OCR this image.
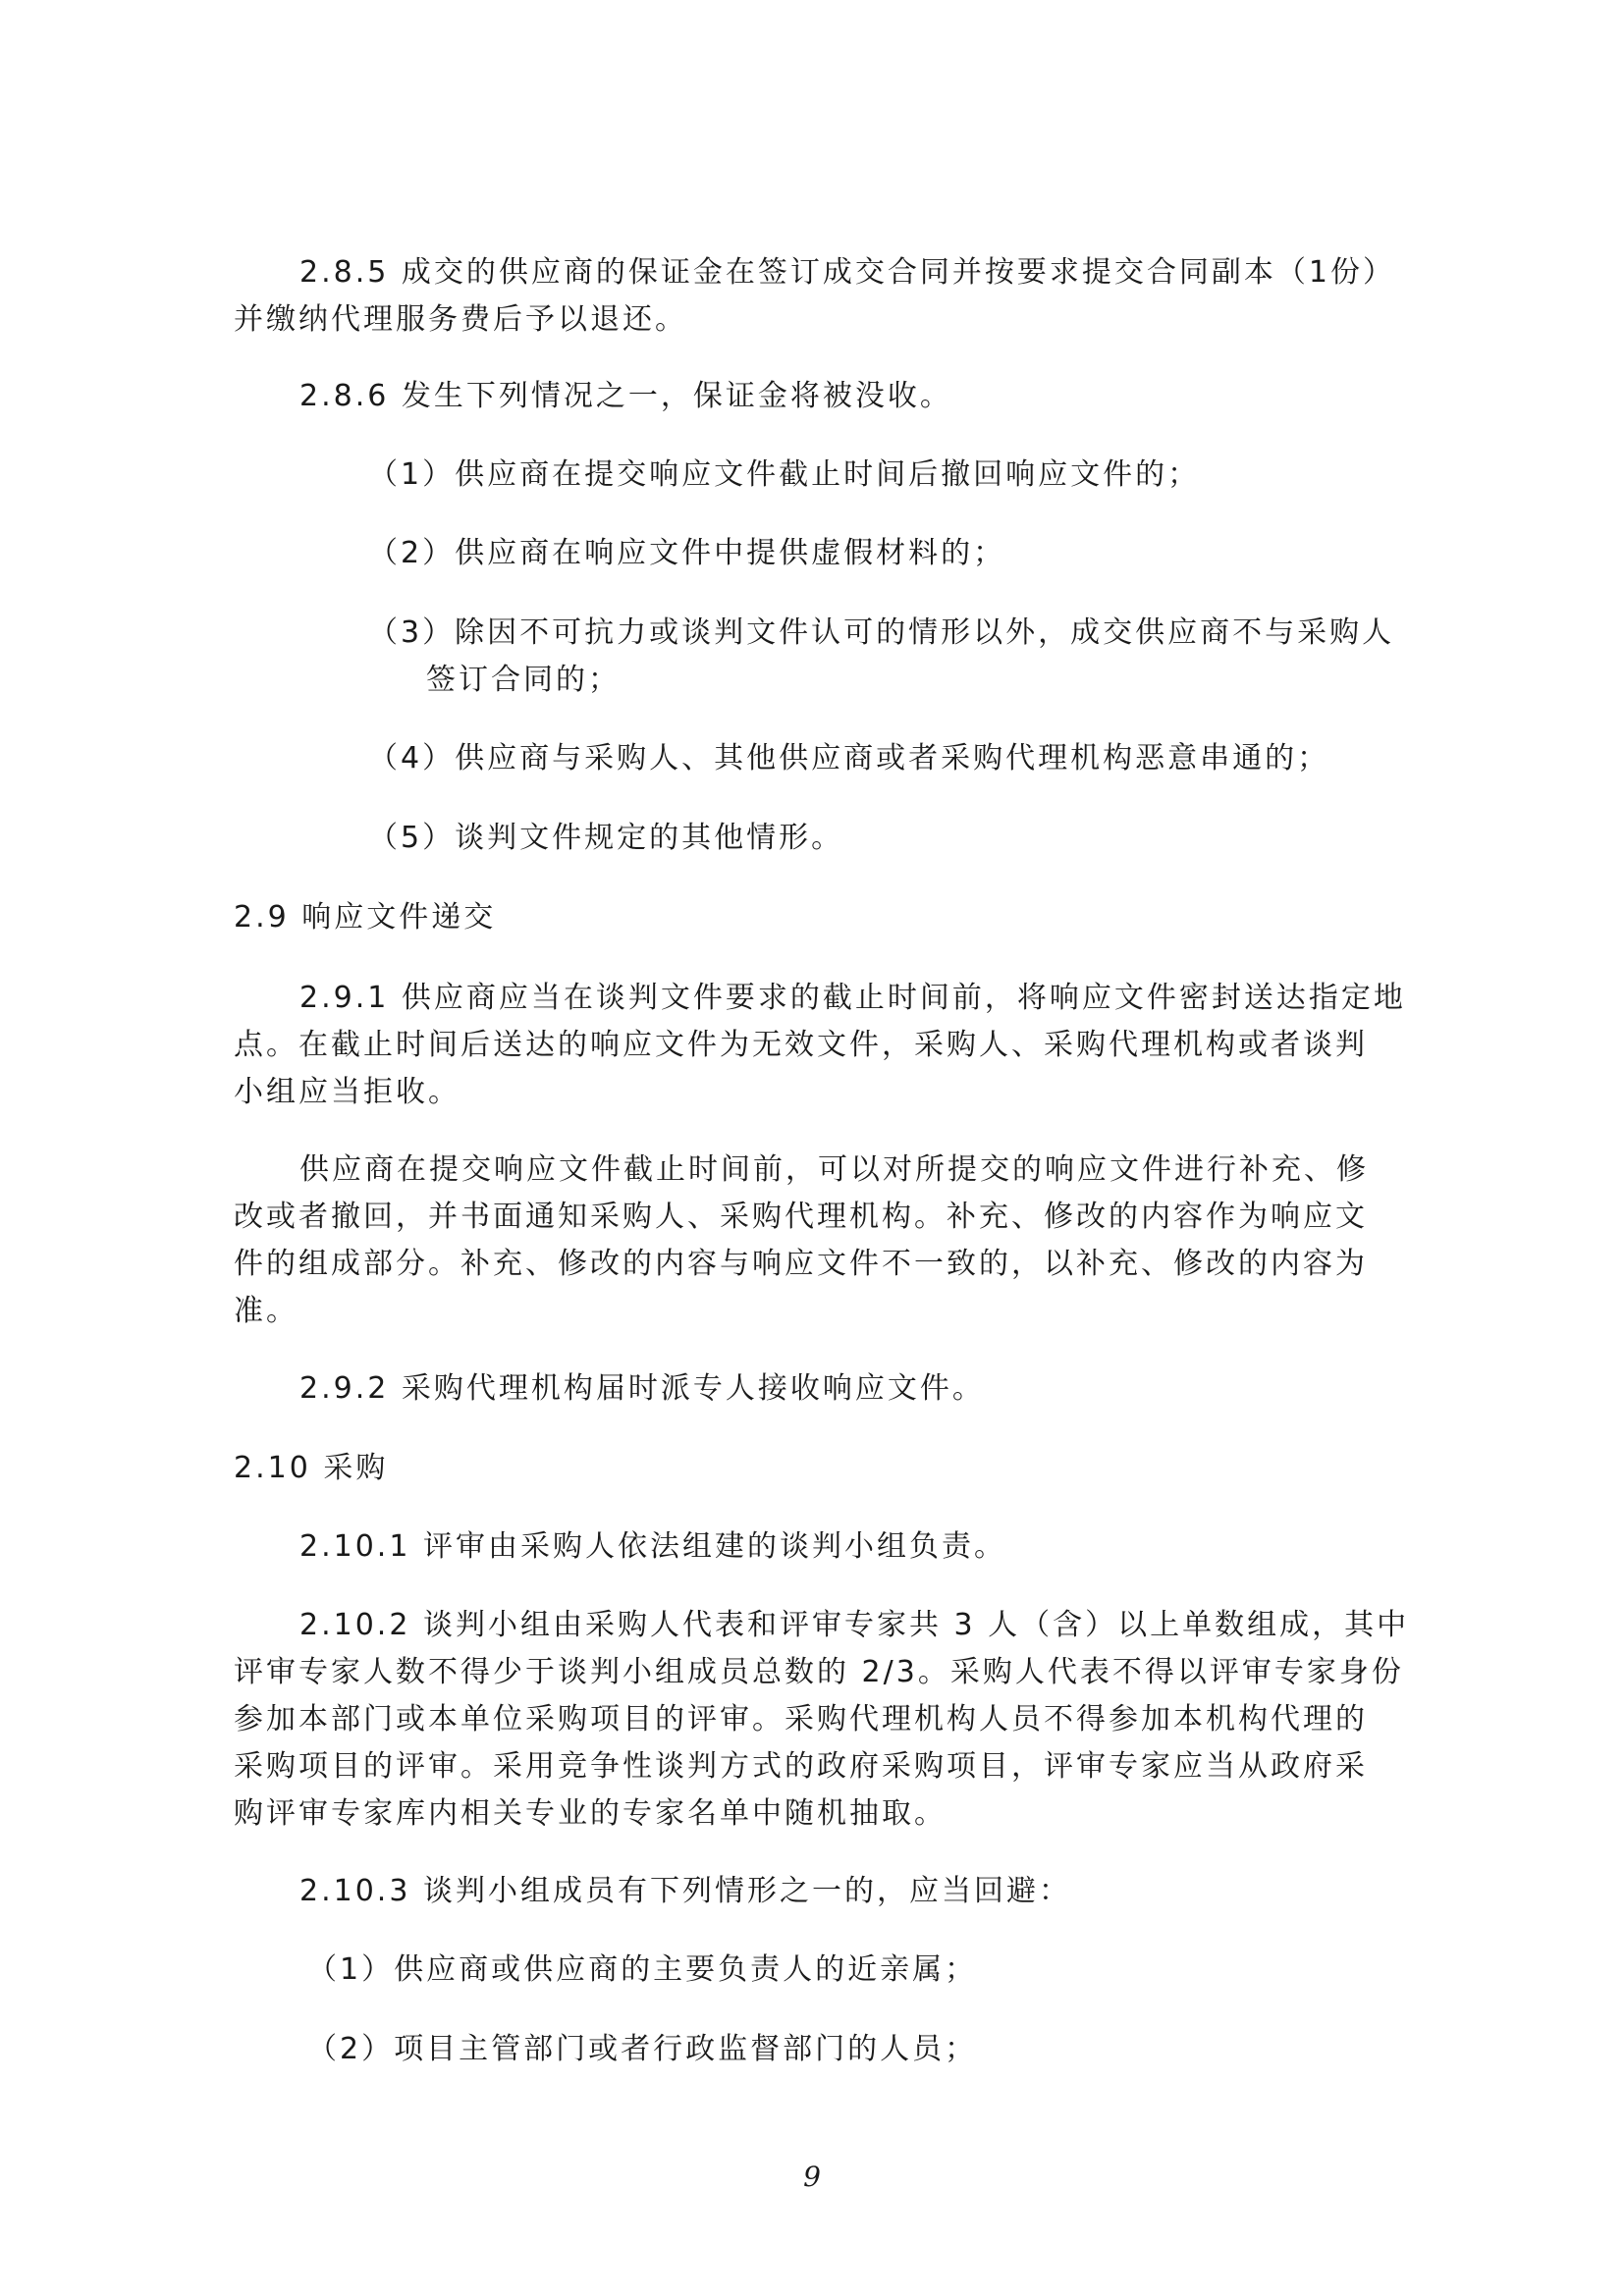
2.8.5 成交的供应商的保证金在签订成交合同并按要求提交合同副本（1份）

并缴纳代理服务费后予以退还。

2.8.6 发生下列情况之一，保证金将被没收。

（1）供应商在提交响应文件截止时间后撤回响应文件的；

（2）供应商在响应文件中提供虚假材料的；

（3）除因不可抗力或谈判文件认可的情形以外，成交供应商不与采购人

签订合同的；

（4）供应商与采购人、其他供应商或者采购代理机构恶意串通的；

（5）谈判文件规定的其他情形。

2.9 响应文件递交

2.9.1 供应商应当在谈判文件要求的截止时间前，将响应文件密封送达指定地

点。在截止时间后送达的响应文件为无效文件，采购人、采购代理机构或者谈判

小组应当拒收。

供应商在提交响应文件截止时间前，可以对所提交的响应文件进行补充、修

改或者撤回，并书面通知采购人、采购代理机构。补充、修改的内容作为响应文

件的组成部分。补充、修改的内容与响应文件不一致的，以补充、修改的内容为

准。

2.9.2 采购代理机构届时派专人接收响应文件。

2.10 采购

2.10.1 评审由采购人依法组建的谈判小组负责。

2.10.2 谈判小组由采购人代表和评审专家共 3 人（含）以上单数组成，其中

评审专家人数不得少于谈判小组成员总数的 2/3。采购人代表不得以评审专家身份

参加本部门或本单位采购项目的评审。采购代理机构人员不得参加本机构代理的

采购项目的评审。采用竞争性谈判方式的政府采购项目，评审专家应当从政府采

购评审专家库内相关专业的专家名单中随机抽取。

2.10.3 谈判小组成员有下列情形之一的，应当回避：

（1）供应商或供应商的主要负责人的近亲属；

（2）项目主管部门或者行政监督部门的人员；

9
